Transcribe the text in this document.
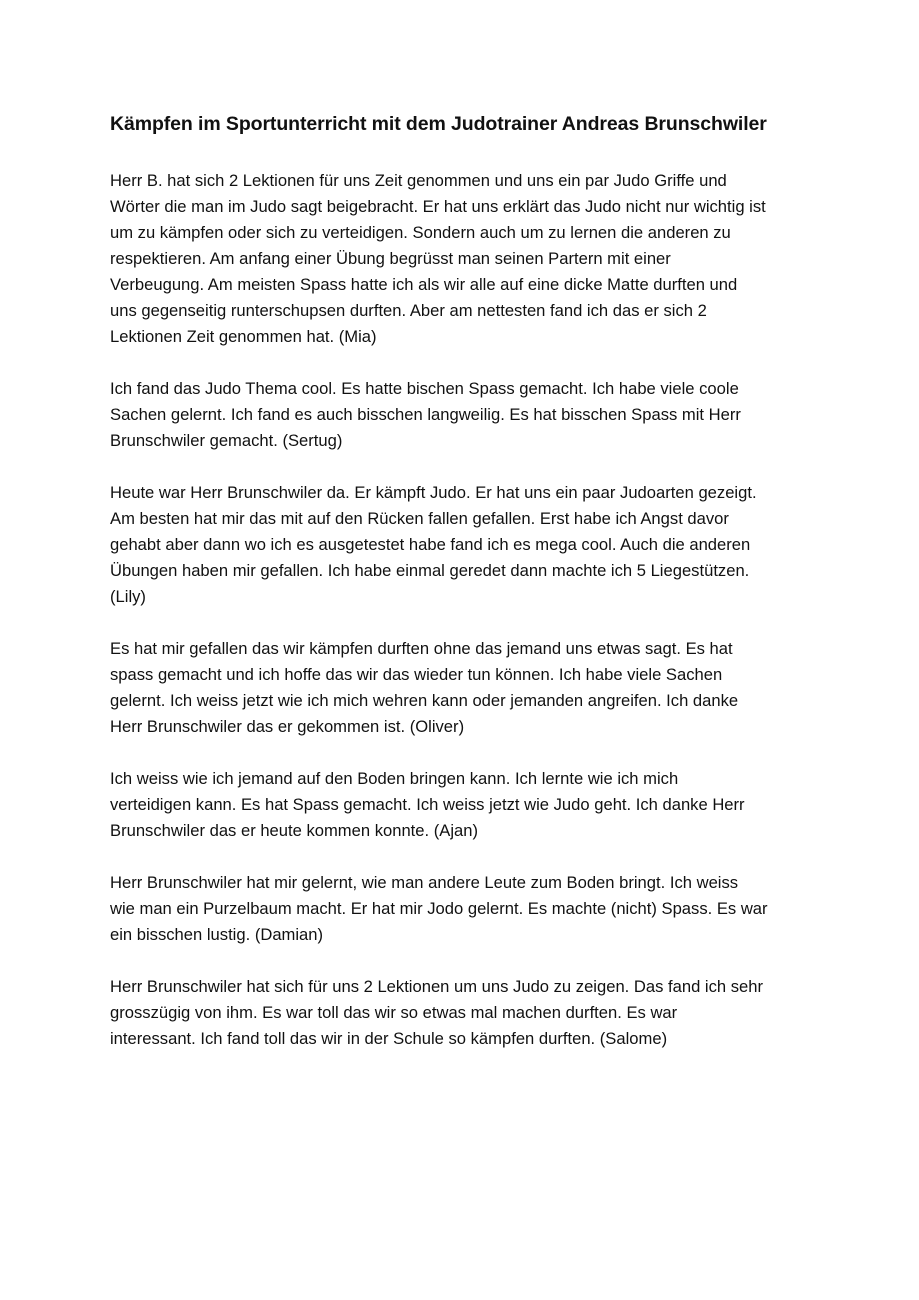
Kämpfen im Sportunterricht mit dem Judotrainer Andreas Brunschwiler

Herr B. hat sich 2 Lektionen für uns Zeit genommen und uns ein par Judo Griffe und
Wörter die man im Judo sagt beigebracht. Er hat uns erklärt das Judo nicht nur wichtig ist
um zu kämpfen oder sich zu verteidigen. Sondern auch um zu lernen die anderen zu
respektieren. Am anfang einer Übung begrüsst man seinen Partern mit einer
Verbeugung. Am meisten Spass hatte ich als wir alle auf eine dicke Matte durften und
uns gegenseitig runterschupsen durften. Aber am nettesten fand ich das er sich 2
Lektionen Zeit genommen hat. (Mia)

Ich fand das Judo Thema cool. Es hatte bischen Spass gemacht. Ich habe viele coole
Sachen gelernt. Ich fand es auch bisschen langweilig. Es hat bisschen Spass mit Herr
Brunschwiler gemacht. (Sertug)

Heute war Herr Brunschwiler da. Er kämpft Judo. Er hat uns ein paar Judoarten gezeigt.
Am besten hat mir das mit auf den Rücken fallen gefallen. Erst habe ich Angst davor
gehabt aber dann wo ich es ausgetestet habe fand ich es mega cool. Auch die anderen
Übungen haben mir gefallen. Ich habe einmal geredet dann machte ich 5 Liegestützen.
(Lily)

Es hat mir gefallen das wir kämpfen durften ohne das jemand uns etwas sagt. Es hat
spass gemacht und ich hoffe das wir das wieder tun können. Ich habe viele Sachen
gelernt. Ich weiss jetzt wie ich mich wehren kann oder jemanden angreifen. Ich danke
Herr Brunschwiler das er gekommen ist. (Oliver)

Ich weiss wie ich jemand auf den Boden bringen kann. Ich lernte wie ich mich
verteidigen kann. Es hat Spass gemacht. Ich weiss jetzt wie Judo geht. Ich danke Herr
Brunschwiler das er heute kommen konnte. (Ajan)

Herr Brunschwiler hat mir gelernt, wie man andere Leute zum Boden bringt. Ich weiss
wie man ein Purzelbaum macht. Er hat mir Jodo gelernt. Es machte (nicht) Spass. Es war
ein bisschen lustig. (Damian)

Herr Brunschwiler hat sich für uns 2 Lektionen um uns Judo zu zeigen. Das fand ich sehr
grosszügig von ihm. Es war toll das wir so etwas mal machen durften. Es war
interessant. Ich fand toll das wir in der Schule so kämpfen durften. (Salome)
